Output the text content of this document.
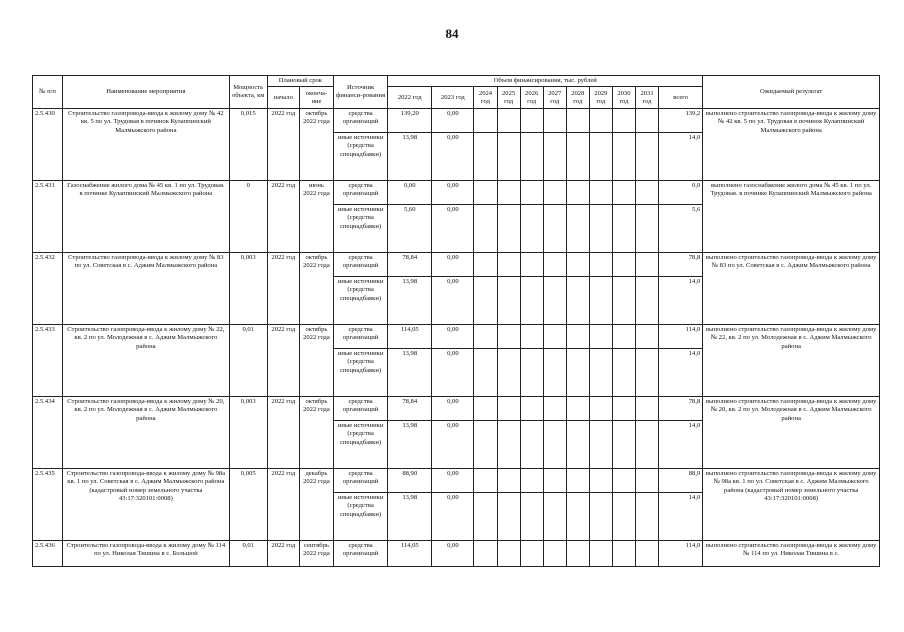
84
№ п/п	Наименование мероприятия	Мощность объекта, км	Плановый срок		Источник финанси-рования	Объем финансирования, тыс. рублей											Ожидаемый результат
			начало	оконча-ние		2022 год	2023 год	2024 год	2025 год	2026 год	2027 год	2028 год	2029 год	2030 год	2031 год	всего	

2.5.430	Строительство газопровода-ввода к жилому дому № 42 кв. 5 по ул. Трудовая в починок Кулаппинский Малмыжского района	0,015	2022 год	октябрь 2022 года	средства организаций	139,20	0,00									139,2	выполнено строительство газопровода-ввода к жилому дому № 42 кв. 5 по ул. Трудовая в починок Кулаппинский Малмыжского района
					иные источники (средства спецнадбавки)	13,98	0,00									14,0	
2.5.431	Газоснабжение жилого дома № 45 кв. 1 по ул. Трудовая. в починке Кулаппинский Малмыжского района	0	2022 год	июнь 2022 года	средства организаций	0,00	0,00									0,0	выполнено газоснабжение жилого дома № 45 кв. 1 по ул. Трудовая. в починке Кулаппинский Малмыжского района
					иные источники (средства спецнадбавки)	5,60	0,00									5,6	
2.5.432	Строительство газопровода-ввода к жилому дому № 83 по ул. Советская в с. Аджим Малмыжского района	0,003	2022 год	октябрь 2022 года	средства организаций	78,84	0,00									78,8	выполнено строительство газопровода-ввода к жилому дому № 83 по ул. Советская в с. Аджим Малмыжского района
					иные источники (средства спецнадбавки)	13,98	0,00									14,0	
2.5.433	Строительство газопровода-ввода к жилому дому № 22, кв. 2 по ул. Молодежная в с. Аджим Малмыжского района	0,01	2022 год	октябрь 2022 года	средства организаций	114,05	0,00									114,0	выполнено строительство газопровода-ввода к жилому дому № 22, кв. 2 по ул. Молодежная в с. Аджим Малмыжского района
					иные источники (средства спецнадбавки)	13,98	0,00									14,0	
2.5.434	Строительство газопровода-ввода к жилому дому № 20, кв. 2 по ул. Молодежная в с. Аджим Малмыжского района	0,003	2022 год	октябрь 2022 года	средства организаций	78,84	0,00									78,8	выполнено строительство газопровода-ввода к жилому дому № 20, кв. 2 по ул. Молодежная в с. Аджим Малмыжского района
					иные источники (средства спецнадбавки)	13,98	0,00									14,0	
2.5.435	Строительство газопровода-ввода к жилому дому № 98а кв. 1 по ул. Советская в с. Аджим Малмыжского района (кадастровый номер земельного участка 43:17:320101:0008)	0,005	2022 год	декабрь 2022 года	средства организаций	88,90	0,00									88,9	выполнено строительство газопровода-ввода к жилому дому № 98а кв. 1 по ул. Советская в с. Аджим Малмыжского района (кадастровый номер земельного участка 43:17:320101:0008)
					иные источники (средства спецнадбавки)	13,98	0,00									14,0	
2.5.436	Строительство газопровода-ввода к жилому дому № 114 по ул. Николая Тишина в с. Большой	0,01	2022 год	сентябрь 2022 года	средства организаций	114,05	0,00									114,0	выполнено строительство газопровода-ввода к жилому дому № 114 по ул. Николая Тишина в с.
